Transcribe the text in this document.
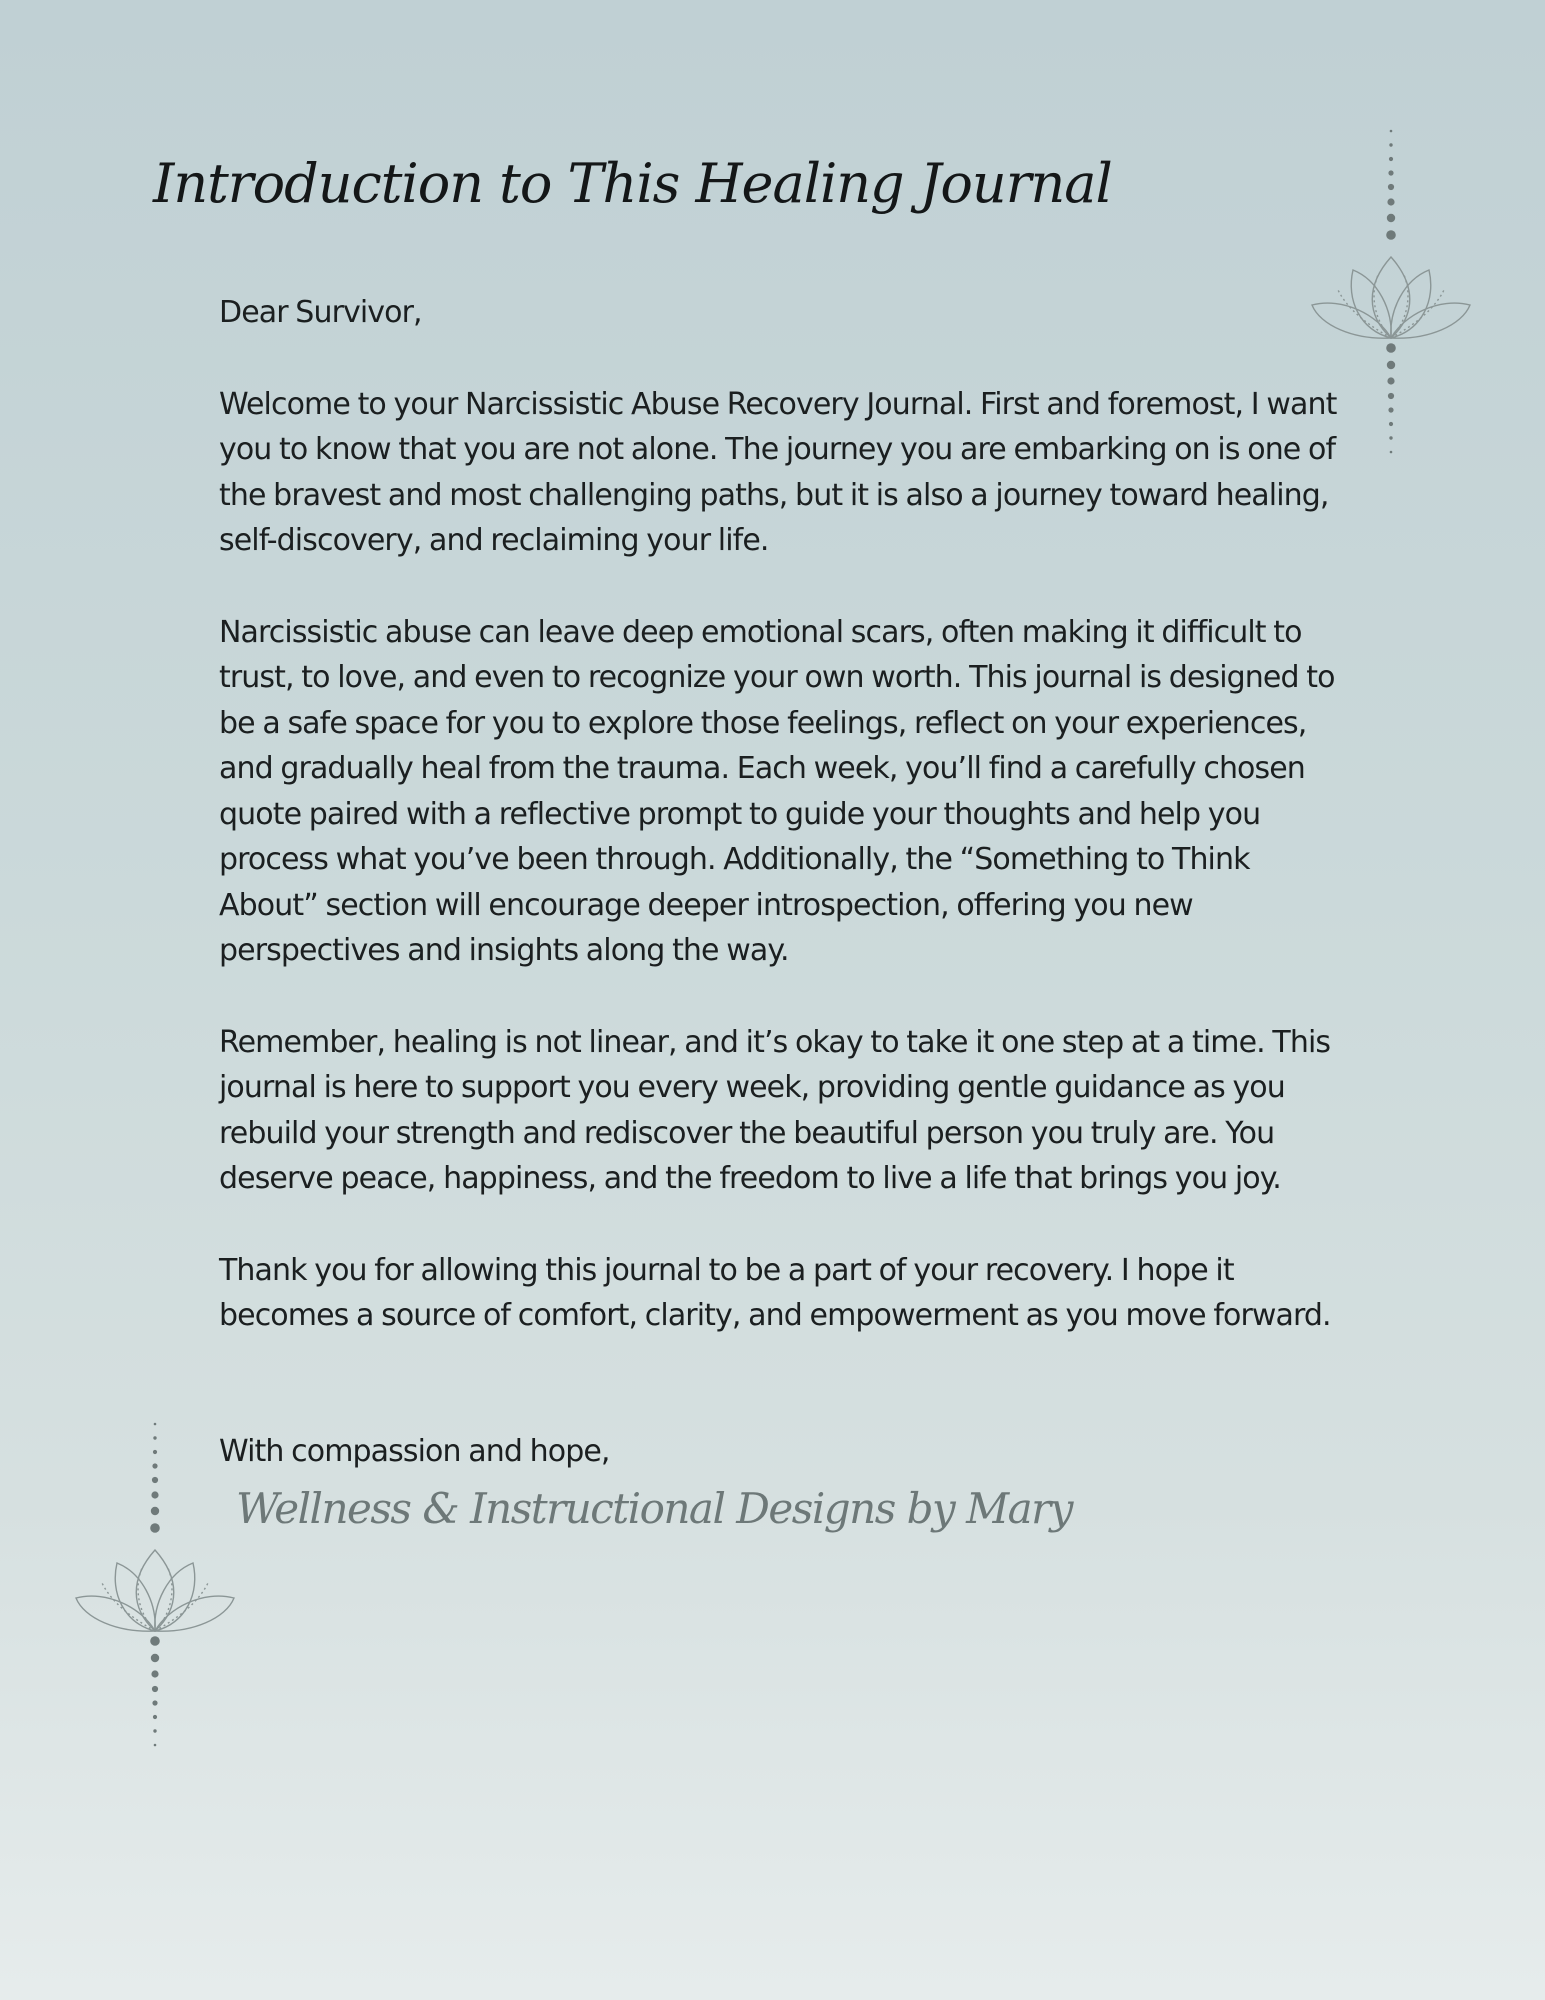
Introduction to This Healing Journal

Dear Survivor,

Welcome to your Narcissistic Abuse Recovery Journal. First and foremost, I want you to know that you are not alone. The journey you are embarking on is one of the bravest and most challenging paths, but it is also a journey toward healing, self-discovery, and reclaiming your life.

Narcissistic abuse can leave deep emotional scars, often making it difficult to trust, to love, and even to recognize your own worth. This journal is designed to be a safe space for you to explore those feelings, reflect on your experiences, and gradually heal from the trauma. Each week, you’ll find a carefully chosen quote paired with a reflective prompt to guide your thoughts and help you process what you’ve been through. Additionally, the “Something to Think About” section will encourage deeper introspection, offering you new perspectives and insights along the way.

Remember, healing is not linear, and it’s okay to take it one step at a time. This journal is here to support you every week, providing gentle guidance as you rebuild your strength and rediscover the beautiful person you truly are. You deserve peace, happiness, and the freedom to live a life that brings you joy.

Thank you for allowing this journal to be a part of your recovery. I hope it becomes a source of comfort, clarity, and empowerment as you move forward.

With compassion and hope,

Wellness & Instructional Designs by Mary
